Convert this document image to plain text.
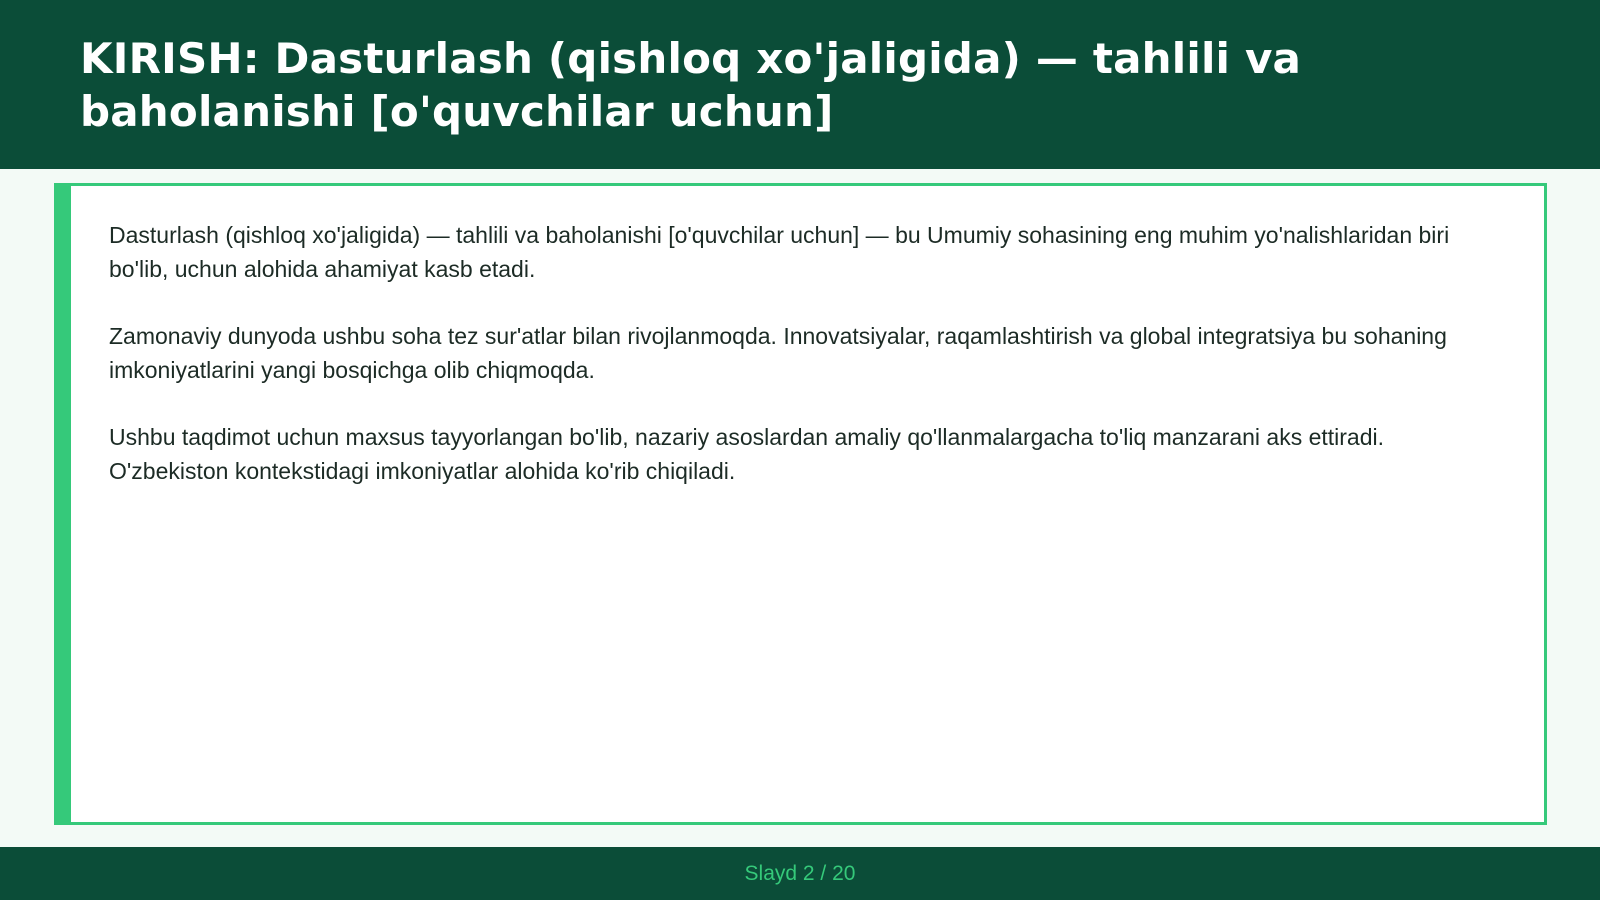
KIRISH: Dasturlash (qishloq xo'jaligida) — tahlili va baholanishi [o'quvchilar uchun]

Dasturlash (qishloq xo'jaligida) — tahlili va baholanishi [o'quvchilar uchun] — bu Umumiy sohasining eng muhim yo'nalishlaridan biri bo'lib, uchun alohida ahamiyat kasb etadi.

Zamonaviy dunyoda ushbu soha tez sur'atlar bilan rivojlanmoqda. Innovatsiyalar, raqamlashtirish va global integratsiya bu sohaning imkoniyatlarini yangi bosqichga olib chiqmoqda.

Ushbu taqdimot uchun maxsus tayyorlangan bo'lib, nazariy asoslardan amaliy qo'llanmalargacha to'liq manzarani aks ettiradi. O'zbekiston kontekstidagi imkoniyatlar alohida ko'rib chiqiladi.

Slayd 2 / 20
